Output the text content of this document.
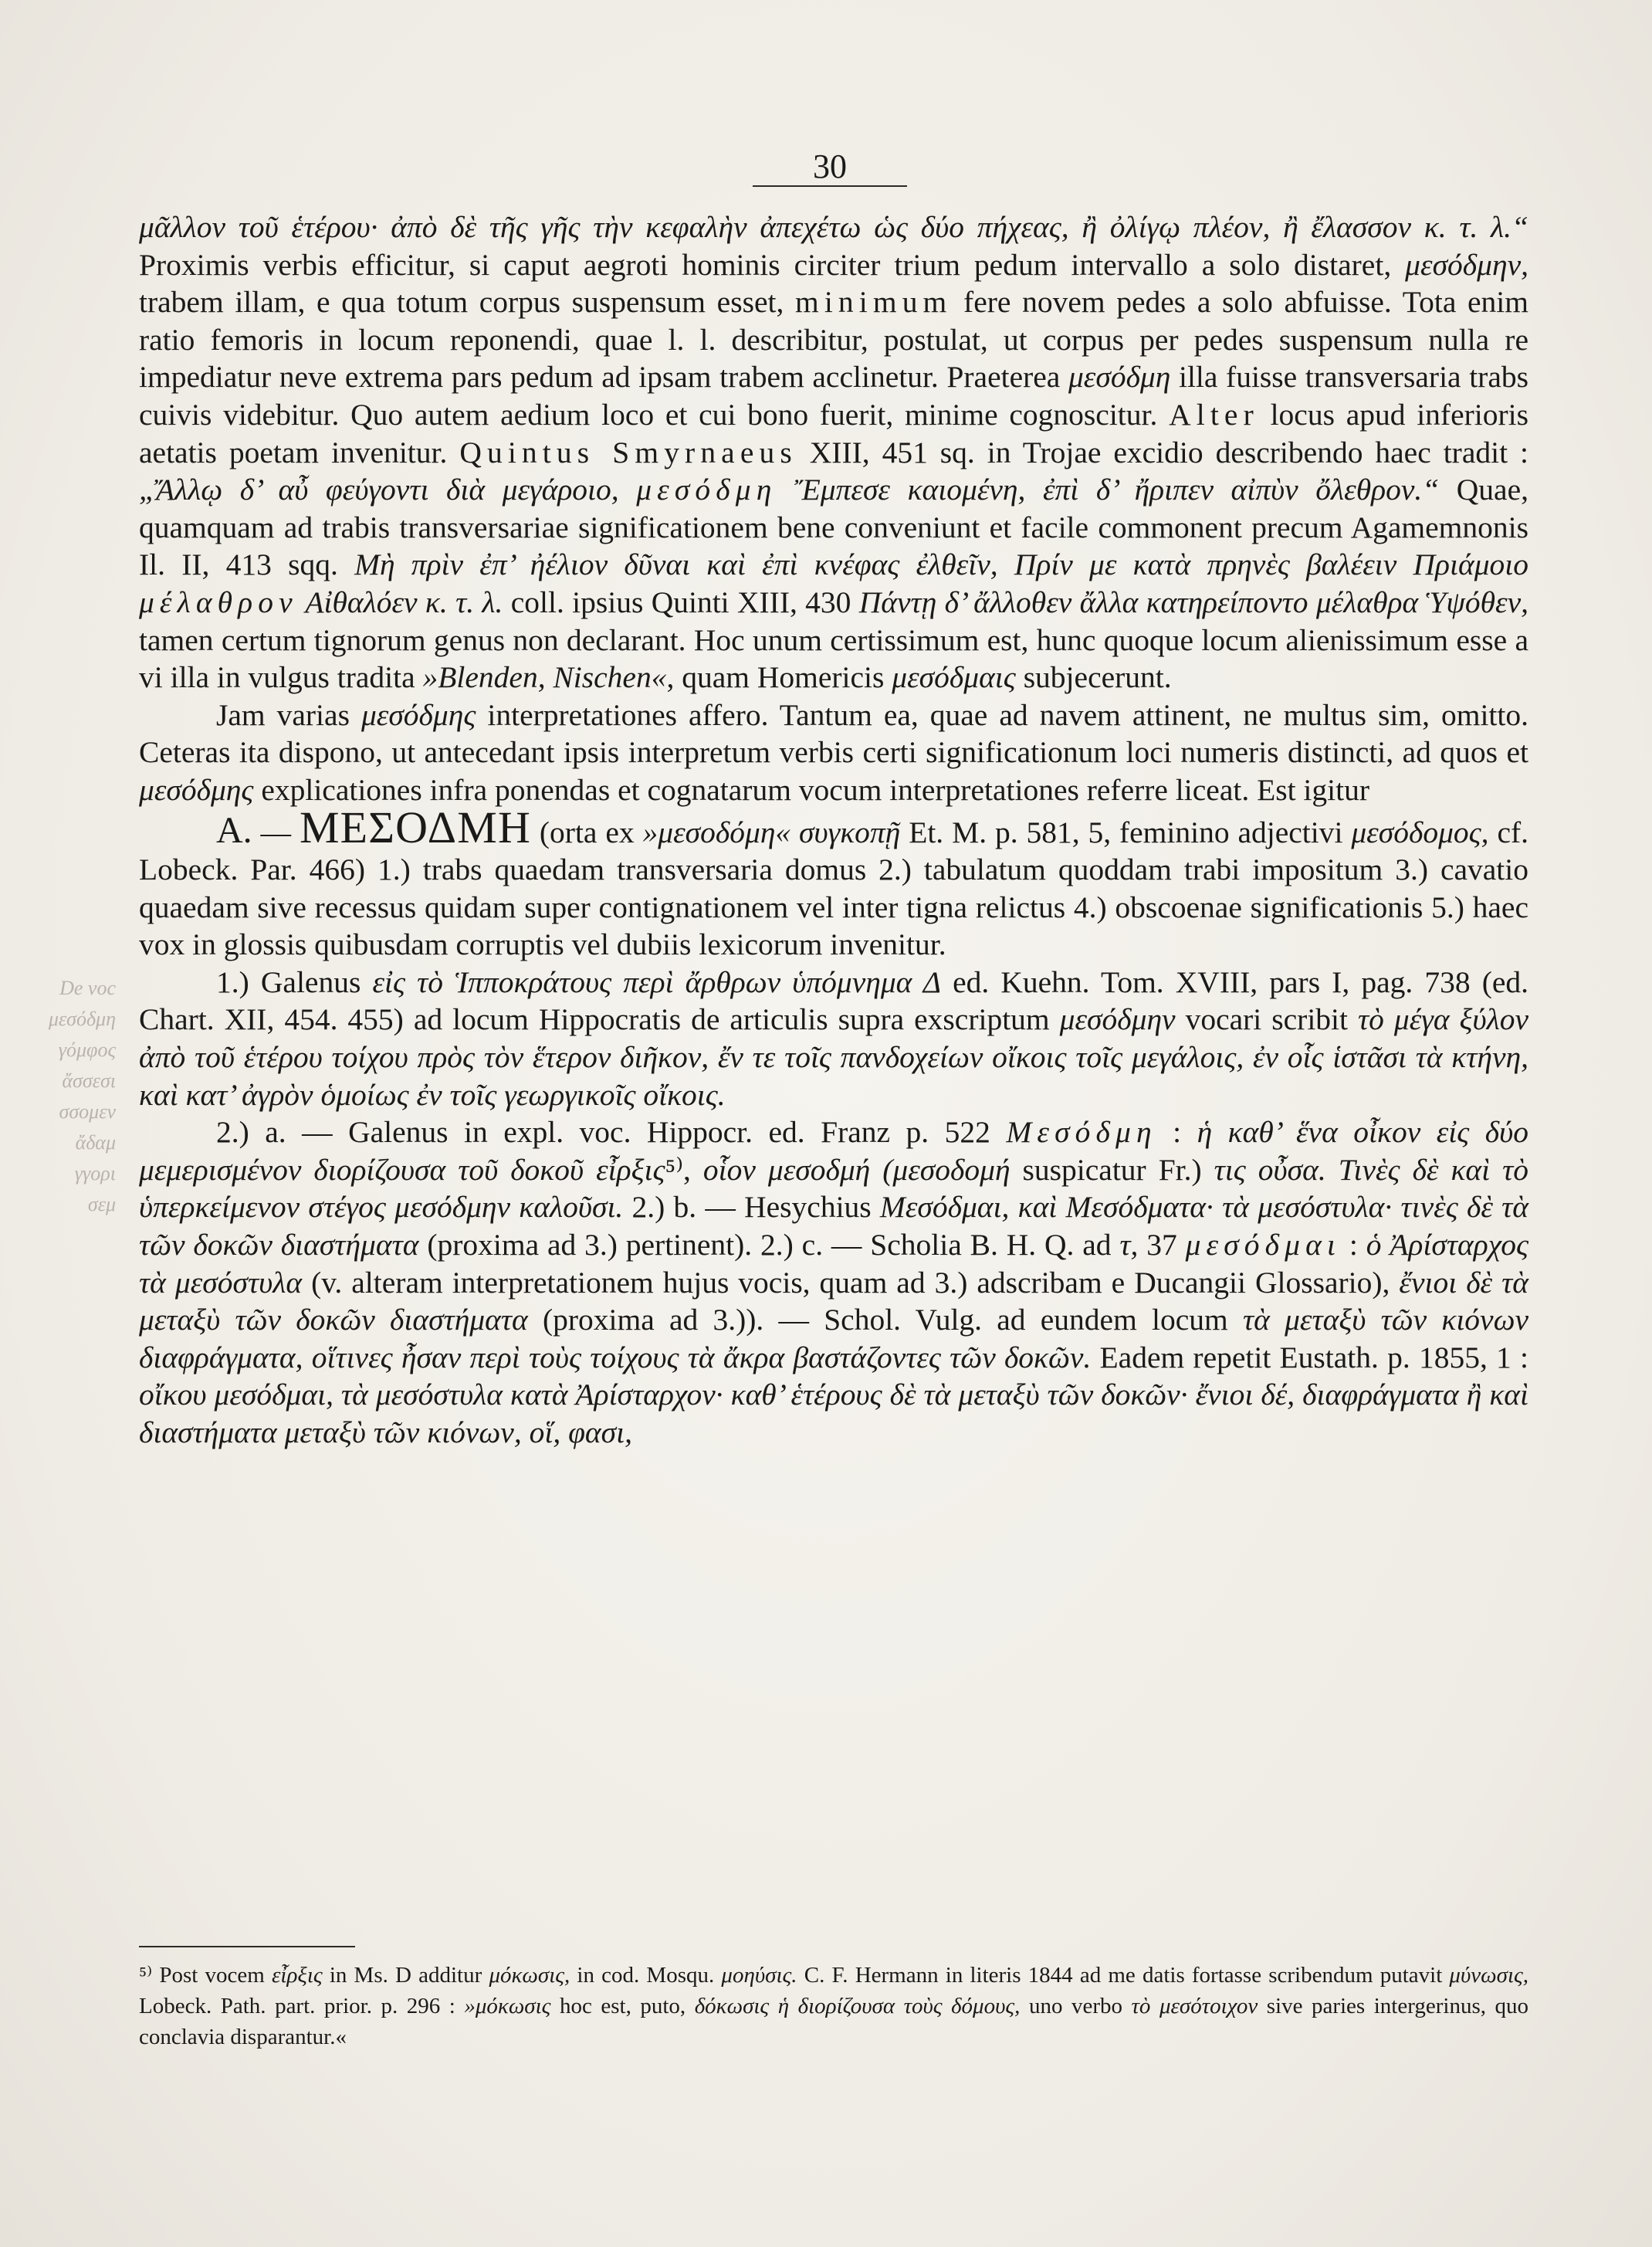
De voc
μεσόδμη
γόμφος
ἄσσεσι
σσομεν
ἄδαμ
γγορι
σεμ
30

μᾶλλον τοῦ ἑτέρου· ἀπὸ δὲ τῆς γῆς τὴν κεφαλὴν ἀπεχέτω ὡς δύο πήχεας, ἢ ὀλίγῳ πλέον, ἢ ἔλασσον κ. τ. λ.“ Proximis verbis efficitur, si caput aegroti hominis circiter trium pedum intervallo a solo distaret, μεσόδμην, trabem illam, e qua totum corpus suspensum esset, minimum fere novem pedes a solo abfuisse. Tota enim ratio femoris in locum reponendi, quae l. l. describitur, postulat, ut corpus per pedes suspensum nulla re impediatur neve extrema pars pedum ad ipsam trabem acclinetur. Praeterea μεσόδμη illa fuisse transversaria trabs cuivis videbitur. Quo autem aedium loco et cui bono fuerit, minime cognoscitur. Alter locus apud inferioris aetatis poetam invenitur. Quintus Smyrnaeus XIII, 451 sq. in Trojae excidio describendo haec tradit : „Ἄλλῳ δ’ αὖ φεύγοντι διὰ μεγάροιο, μεσόδμη Ἔμπεσε καιομένη, ἐπὶ δ’ ἤριπεν αἰπὺν ὄλεθρον.“ Quae, quamquam ad trabis transversariae significationem bene conveniunt et facile commonent precum Agamemnonis Il. II, 413 sqq. Μὴ πρὶν ἐπ’ ἠέλιον δῦναι καὶ ἐπὶ κνέφας ἐλθεῖν, Πρίν με κατὰ πρηνὲς βαλέειν Πριάμοιο μέλαθρον Αἰθαλόεν κ. τ. λ. coll. ipsius Quinti XIII, 430 Πάντῃ δ’ ἄλλοθεν ἄλλα κατηρείποντο μέλαθρα Ὑψόθεν, tamen certum tignorum genus non declarant. Hoc unum certissimum est, hunc quoque locum alienissimum esse a vi illa in vulgus tradita »Blenden, Nischen«, quam Homericis μεσόδμαις subjecerunt.

Jam varias μεσόδμης interpretationes affero. Tantum ea, quae ad navem attinent, ne multus sim, omitto. Ceteras ita dispono, ut antecedant ipsis interpretum verbis certi significationum loci numeris distincti, ad quos et μεσόδμης explicationes infra ponendas et cognatarum vocum interpretationes referre liceat. Est igitur

A. — ΜΕΣΟΔΜΗ (orta ex »μεσοδόμη« συγκοπῇ Et. M. p. 581, 5, feminino adjectivi μεσόδομος, cf. Lobeck. Par. 466) 1.) trabs quaedam transversaria domus 2.) tabulatum quoddam trabi impositum 3.) cavatio quaedam sive recessus quidam super contignationem vel inter tigna relictus 4.) obscoenae significationis 5.) haec vox in glossis quibusdam corruptis vel dubiis lexicorum invenitur.

1.) Galenus εἰς τὸ Ἱπποκράτους περὶ ἄρθρων ὑπόμνημα Δ ed. Kuehn. Tom. XVIII, pars I, pag. 738 (ed. Chart. XII, 454. 455) ad locum Hippocratis de articulis supra exscriptum μεσόδμην vocari scribit τὸ μέγα ξύλον ἀπὸ τοῦ ἑτέρου τοίχου πρὸς τὸν ἕτερον διῆκον, ἔν τε τοῖς πανδοχείων οἴκοις τοῖς μεγάλοις, ἐν οἷς ἱστᾶσι τὰ κτήνη, καὶ κατ’ ἀγρὸν ὁμοίως ἐν τοῖς γεωργικοῖς οἴκοις.

2.) a. — Galenus in expl. voc. Hippocr. ed. Franz p. 522 Μεσόδμη : ἡ καθ’ ἕνα οἶκον εἰς δύο μεμερισμένον διορίζουσα τοῦ δοκοῦ εἶρξις⁵⁾, οἷον μεσοδμή (μεσοδομή suspicatur Fr.) τις οὖσα. Τινὲς δὲ καὶ τὸ ὑπερκείμενον στέγος μεσόδμην καλοῦσι. 2.) b. — Hesychius Μεσόδμαι, καὶ Μεσόδματα· τὰ μεσόστυλα· τινὲς δὲ τὰ τῶν δοκῶν διαστήματα (proxima ad 3.) pertinent). 2.) c. — Scholia B. H. Q. ad τ, 37 μεσόδμαι : ὁ Ἀρίσταρχος τὰ μεσόστυλα (v. alteram interpretationem hujus vocis, quam ad 3.) adscribam e Ducangii Glossario), ἔνιοι δὲ τὰ μεταξὺ τῶν δοκῶν διαστήματα (proxima ad 3.)). — Schol. Vulg. ad eundem locum τὰ μεταξὺ τῶν κιόνων διαφράγματα, οἵτινες ἦσαν περὶ τοὺς τοίχους τὰ ἄκρα βαστάζοντες τῶν δοκῶν. Eadem repetit Eustath. p. 1855, 1 : οἴκου μεσόδμαι, τὰ μεσόστυλα κατὰ Ἀρίσταρχον· καθ’ ἑτέρους δὲ τὰ μεταξὺ τῶν δοκῶν· ἔνιοι δέ, διαφράγματα ἢ καὶ διαστήματα μεταξὺ τῶν κιόνων, οἵ, φασι,

⁵⁾ Post vocem εἶρξις in Ms. D additur μόκωσις, in cod. Mosqu. μοηύσις. C. F. Hermann in literis 1844 ad me datis fortasse scribendum putavit μύνωσις, Lobeck. Path. part. prior. p. 296 : »μόκωσις hoc est, puto, δόκωσις ἡ διορίζουσα τοὺς δόμους, uno verbo τὸ μεσότοιχον sive paries intergerinus, quo conclavia disparantur.«
